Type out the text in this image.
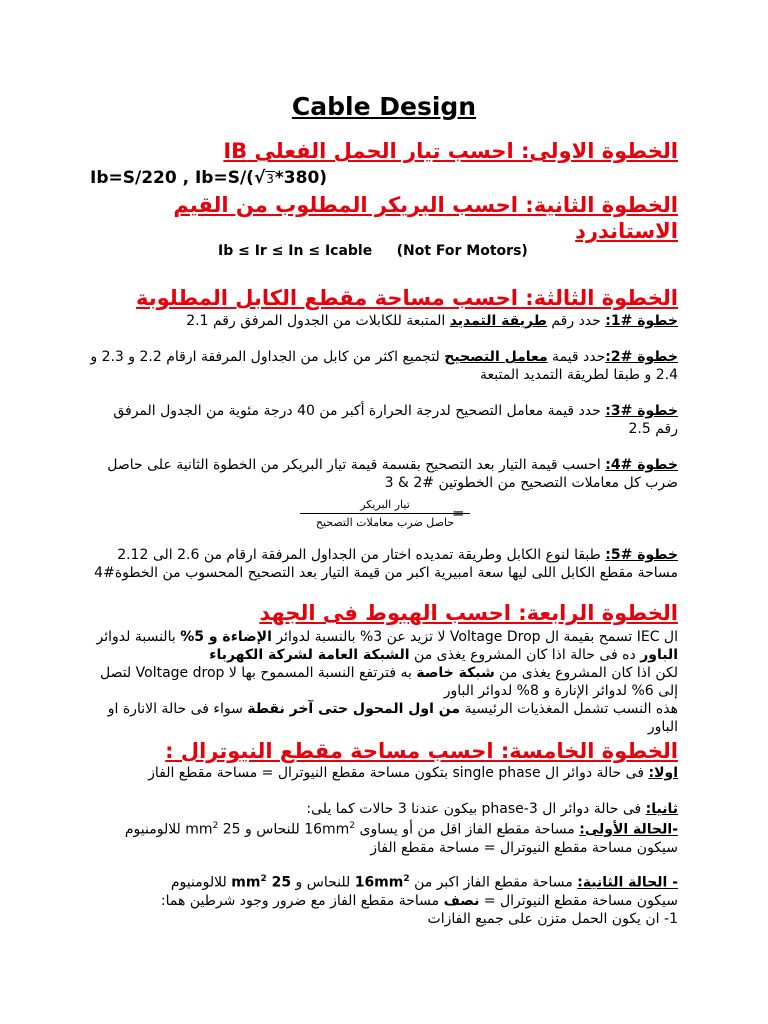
Cable Design
الخطوة الاولى: احسب تيار الحمل الفعلى IB
Ib=S/220 , Ib=S/(√3*380)
الخطوة الثانية: احسب البريكر المطلوب من القيم الاستاندرد
Ib ≤ Ir ≤ In ≤ Icable (Not For Motors)
الخطوة الثالثة: احسب مساحة مقطع الكابل المطلوبة
خطوة #1: حدد رقم طريقة التمديد المتبعة للكابلات من الجدول المرفق رقم 2.1
خطوة #2:حدد قيمة معامل التصحيح لتجميع اكثر من كابل من الجداول المرفقة ارقام 2.2 و 2.3 و 2.4 و طبقا لطريقة التمديد المتبعة
خطوة #3: حدد قيمة معامل التصحيح لدرجة الحرارة أكبر من 40 درجة مئوية من الجدول المرفق رقم 2.5
خطوة #4: احسب قيمة التيار بعد التصحيح بقسمة قيمة تيار البريكر من الخطوة الثانية على حاصل ضرب كل معاملات التصحيح من الخطوتين #2 & 3
تيار البريكر
حاصل ضرب معاملات التصحيح
=
خطوة #5: طبقا لنوع الكابل وطريقة تمديده اختار من الجداول المرفقة ارقام من 2.6 الى 2.12 مساحة مقطع الكابل اللى ليها سعة امبيرية اكبر من قيمة التيار بعد التصحيح المحسوب من الخطوة#4
الخطوة الرابعة: احسب الهبوط فى الجهد
ال IEC تسمح بقيمة ال Voltage Drop لا تزيد عن 3% بالنسبة لدوائر الإضاءة و 5% بالنسبة لدوائر الباور ده فى حالة اذا كان المشروع يغذى من الشبكة العامة لشركة الكهرباء
لكن اذا كان المشروع يغذى من شبكة خاصة به فترتفع النسبة المسموح بها لا Voltage drop لتصل إلى 6% لدوائر الإنارة و 8% لدوائر الباور
هذه النسب تشمل المغذيات الرئيسية من اول المحول حتى آخر نقطة سواء فى حالة الانارة او الباور
الخطوة الخامسة: احسب مساحة مقطع النيوترال :
اولا: فى حالة دوائر ال single phase بتكون مساحة مقطع النيوترال = مساحة مقطع الفاز
ثانيا: فى حالة دوائر ال 3-phase بيكون عندنا 3 حالات كما يلى:
-الحالة الأولى: مساحة مقطع الفاز اقل من أو يساوى $16mm^2$ للنحاس و 25 $mm^2$ للالومنيوم
سيكون مساحة مقطع النيوترال = مساحة مقطع الفاز
- الحالة الثانية: مساحة مقطع الفاز اكبر من $16mm^2$ للنحاس و 25 $mm^2$ للالومنيوم
سيكون مساحة مقطع النيوترال = نصف مساحة مقطع الفاز مع ضرور وجود شرطين هما:
1- ان يكون الحمل متزن على جميع الفازات
